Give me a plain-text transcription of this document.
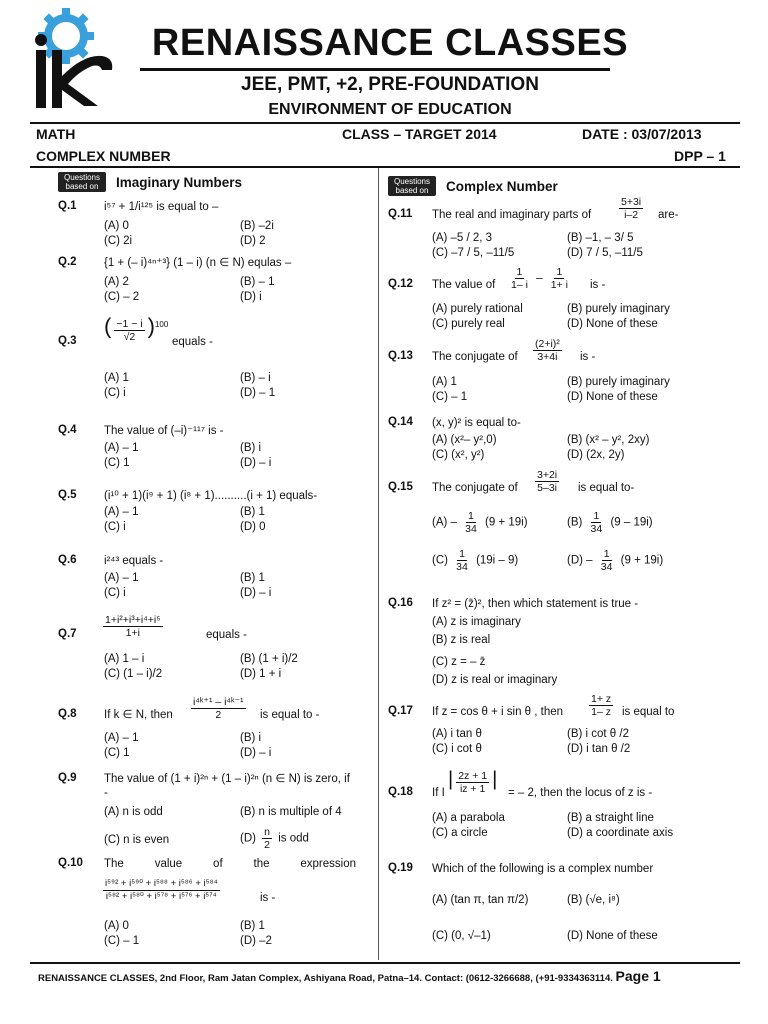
RENAISSANCE CLASSES
JEE, PMT, +2, PRE-FOUNDATION
ENVIRONMENT OF EDUCATION
MATH	CLASS – TARGET 2014	DATE : 03/07/2013
COMPLEX NUMBER	DPP – 1
Questions based on	Imaginary Numbers	Questions based on	Complex Number
Q.1 i⁵⁷ + 1/i¹²⁵ is equal to –
(A) 0	(B) –2i
(C) 2i	(D) 2
Q.2 {1 + (– i)⁴ⁿ⁺³} (1 – i) (n ∈ N) equlas –
(A) 2	(B) – 1
(C) – 2	(D) i
Q.3
( $\frac{-1 - i}{√2} )^{100}$
equals -
(A) 1	(B) – i
(C) i	(D) – 1
Q.4 The value of (–i)⁻¹¹⁷ is -
(A) – 1	(B) i
(C) 1	(D) – i
Q.5 (i¹⁰ + 1)(i⁹ + 1) (i⁸ + 1)..........(i + 1) equals-
(A) – 1	(B) 1
(C) i	(D) 0
Q.6 i²⁴³ equals -
(A) – 1	(B) 1
(C) i	(D) – i
Q.7	$\frac{\text{1+i²+i³+i⁴+i⁵}}{1+i}$	equals -
(A) 1 – i	(B) (1 + i)/2
(C) (1 – i)/2	(D) 1 + i
Q.8 If k ∈ N, then $\frac{\text{i⁴ᵏ⁺¹ – i⁴ᵏ⁻¹}}{2}$ is equal to -
(A) – 1	(B) i
(C) 1	(D) – i
Q.9 The value of (1 + i)²ⁿ + (1 – i)²ⁿ (n ∈ N) is zero, if -
(A) n is odd	(B) n is multiple of 4
(C) n is even	$(D) \frac{n}{2}$ is odd
Q.10 The value of the expression
$\frac{\text{i⁵⁹² + i⁵⁹⁰ + i⁵⁸⁸ + i⁵⁸⁶ + i⁵⁸⁴}}{\text{i⁵⁸² + i⁵⁸⁰ + i⁵⁷⁸ + i⁵⁷⁶ + i⁵⁷⁴}}$	is -
(A) 0	(B) 1
(C) – 1	(D) –2
Q.11 The real and imaginary parts of	$\frac{5+3i}{i-2} are-$
(A) –5 / 2, 3	(B) –1, – 3/ 5
(C) –7 / 5, –11/5	(D) 7 / 5, –11/5
Q.12 The value of $\frac{1}{1- i} - \frac{1}{1+ i}$ is -
(A) purely rational	(B) purely imaginary
(C) purely real	(D) None of these
Q.13 The conjugate of $\frac{\text{(2+i)²}}{3+4i}$ is -
(A) 1	(B) purely imaginary
(C) – 1	(D) None of these
Q.14 (x, y)² is equal to-
(A) (x²– y²,0)	(B) (x² – y², 2xy)
(C) (x², y²)	(D) (2x, 2y)
Q.15 The conjugate of $\frac{3+2i}{5-3i}$ is equal to-
$(A) - \frac{1}{34} (9 + 19i)$	$(B) \frac{1}{34} (9 - 19i)$
$(C) \frac{1}{34} (19i - 9)$	$(D) - \frac{1}{34} (9 + 19i)$
Q.16 If z² = (z̄)², then which statement is true -
(A) z is imaginary
(B) z is real
(C) z = – z̄
(D) z is real or imaginary
Q.17 If z = cos θ + i sin θ , then $\frac{1+ z}{1- z}$ is equal to
(A) i tan θ	(B) i cot θ /2
(C) i cot θ	(D) i tan θ /2
Q.18 If I
| $\frac{2z + 1}{iz + 1}$ |
= – 2, then the locus of z is -
(A) a parabola	(B) a straight line
(C) a circle	(D) a coordinate axis
Q.19 Which of the following is a complex number
(A) (tan π, tan π/2)	(B) (√e, i⁸)
(C) (0, √–1)	(D) None of these
RENAISSANCE CLASSES, 2nd Floor, Ram Jatan Complex, Ashiyana Road, Patna–14. Contact: (0612-3266688, (+91-9334363114. Page 1
